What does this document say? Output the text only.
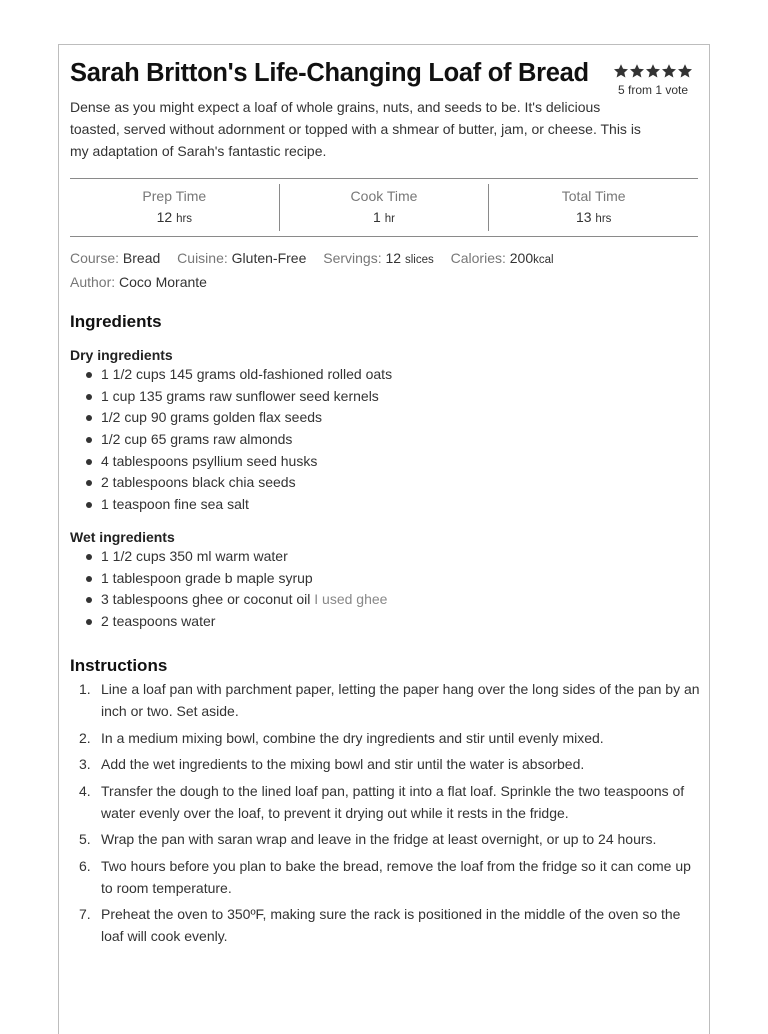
Sarah Britton's Life-Changing Loaf of Bread
5 from 1 vote

Dense as you might expect a loaf of whole grains, nuts, and seeds to be. It's delicious toasted, served without adornment or topped with a shmear of butter, jam, or cheese. This is my adaptation of Sarah's fantastic recipe.

Prep Time
12 hrs
Cook Time
1 hr
Total Time
13 hrs
Course: Bread Cuisine: Gluten-Free Servings: 12 slices Calories: 200kcal
Author: Coco Morante
Ingredients
Dry ingredients
1 1/2 cups 145 grams old-fashioned rolled oats
1 cup 135 grams raw sunflower seed kernels
1/2 cup 90 grams golden flax seeds
1/2 cup 65 grams raw almonds
4 tablespoons psyllium seed husks
2 tablespoons black chia seeds
1 teaspoon fine sea salt
Wet ingredients
1 1/2 cups 350 ml warm water
1 tablespoon grade b maple syrup
3 tablespoons ghee or coconut oil I used ghee
2 teaspoons water
Instructions
1. Line a loaf pan with parchment paper, letting the paper hang over the long sides of the pan by an inch or two. Set aside.
2. In a medium mixing bowl, combine the dry ingredients and stir until evenly mixed.
3. Add the wet ingredients to the mixing bowl and stir until the water is absorbed.
4. Transfer the dough to the lined loaf pan, patting it into a flat loaf. Sprinkle the two teaspoons of water evenly over the loaf, to prevent it drying out while it rests in the fridge.
5. Wrap the pan with saran wrap and leave in the fridge at least overnight, or up to 24 hours.
6. Two hours before you plan to bake the bread, remove the loaf from the fridge so it can come up to room temperature.
7. Preheat the oven to 350ºF, making sure the rack is positioned in the middle of the oven so the loaf will cook evenly.
